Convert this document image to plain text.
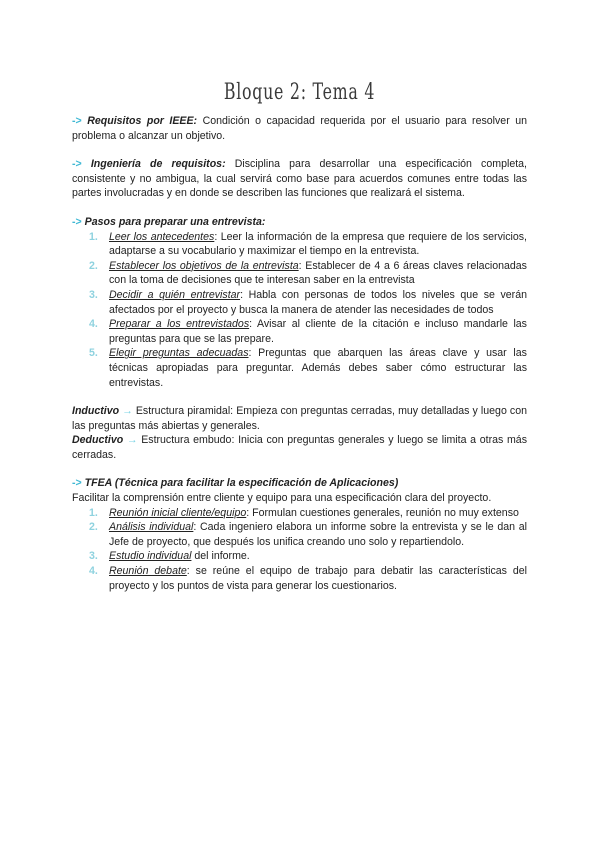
Bloque 2: Tema 4

-> Requisitos por IEEE: Condición o capacidad requerida por el usuario para resolver un problema o alcanzar un objetivo.

-> Ingeniería de requisitos: Disciplina para desarrollar una especificación completa, consistente y no ambigua, la cual servirá como base para acuerdos comunes entre todas las partes involucradas y en donde se describen las funciones que realizará el sistema.

-> Pasos para preparar una entrevista:

1. Leer los antecedentes: Leer la información de la empresa que requiere de los servicios, adaptarse a su vocabulario y maximizar el tiempo en la entrevista.
2. Establecer los objetivos de la entrevista: Establecer de 4 a 6 áreas claves relacionadas con la toma de decisiones que te interesan saber en la entrevista
3. Decidir a quién entrevistar: Habla con personas de todos los niveles que se verán afectados por el proyecto y busca la manera de atender las necesidades de todos
4. Preparar a los entrevistados: Avisar al cliente de la citación e incluso mandarle las preguntas para que se las prepare.
5. Elegir preguntas adecuadas: Preguntas que abarquen las áreas clave y usar las técnicas apropiadas para preguntar. Además debes saber cómo estructurar las entrevistas.

Inductivo → Estructura piramidal: Empieza con preguntas cerradas, muy detalladas y luego con las preguntas más abiertas y generales.

Deductivo → Estructura embudo: Inicia con preguntas generales y luego se limita a otras más cerradas.

-> TFEA (Técnica para facilitar la especificación de Aplicaciones)

Facilitar la comprensión entre cliente y equipo para una especificación clara del proyecto.

1. Reunión inicial cliente/equipo: Formulan cuestiones generales, reunión no muy extenso
2. Análisis individual: Cada ingeniero elabora un informe sobre la entrevista y se le dan al Jefe de proyecto, que después los unifica creando uno solo y repartiendolo.
3. Estudio individual del informe.
4. Reunión debate: se reúne el equipo de trabajo para debatir las características del proyecto y los puntos de vista para generar los cuestionarios.
